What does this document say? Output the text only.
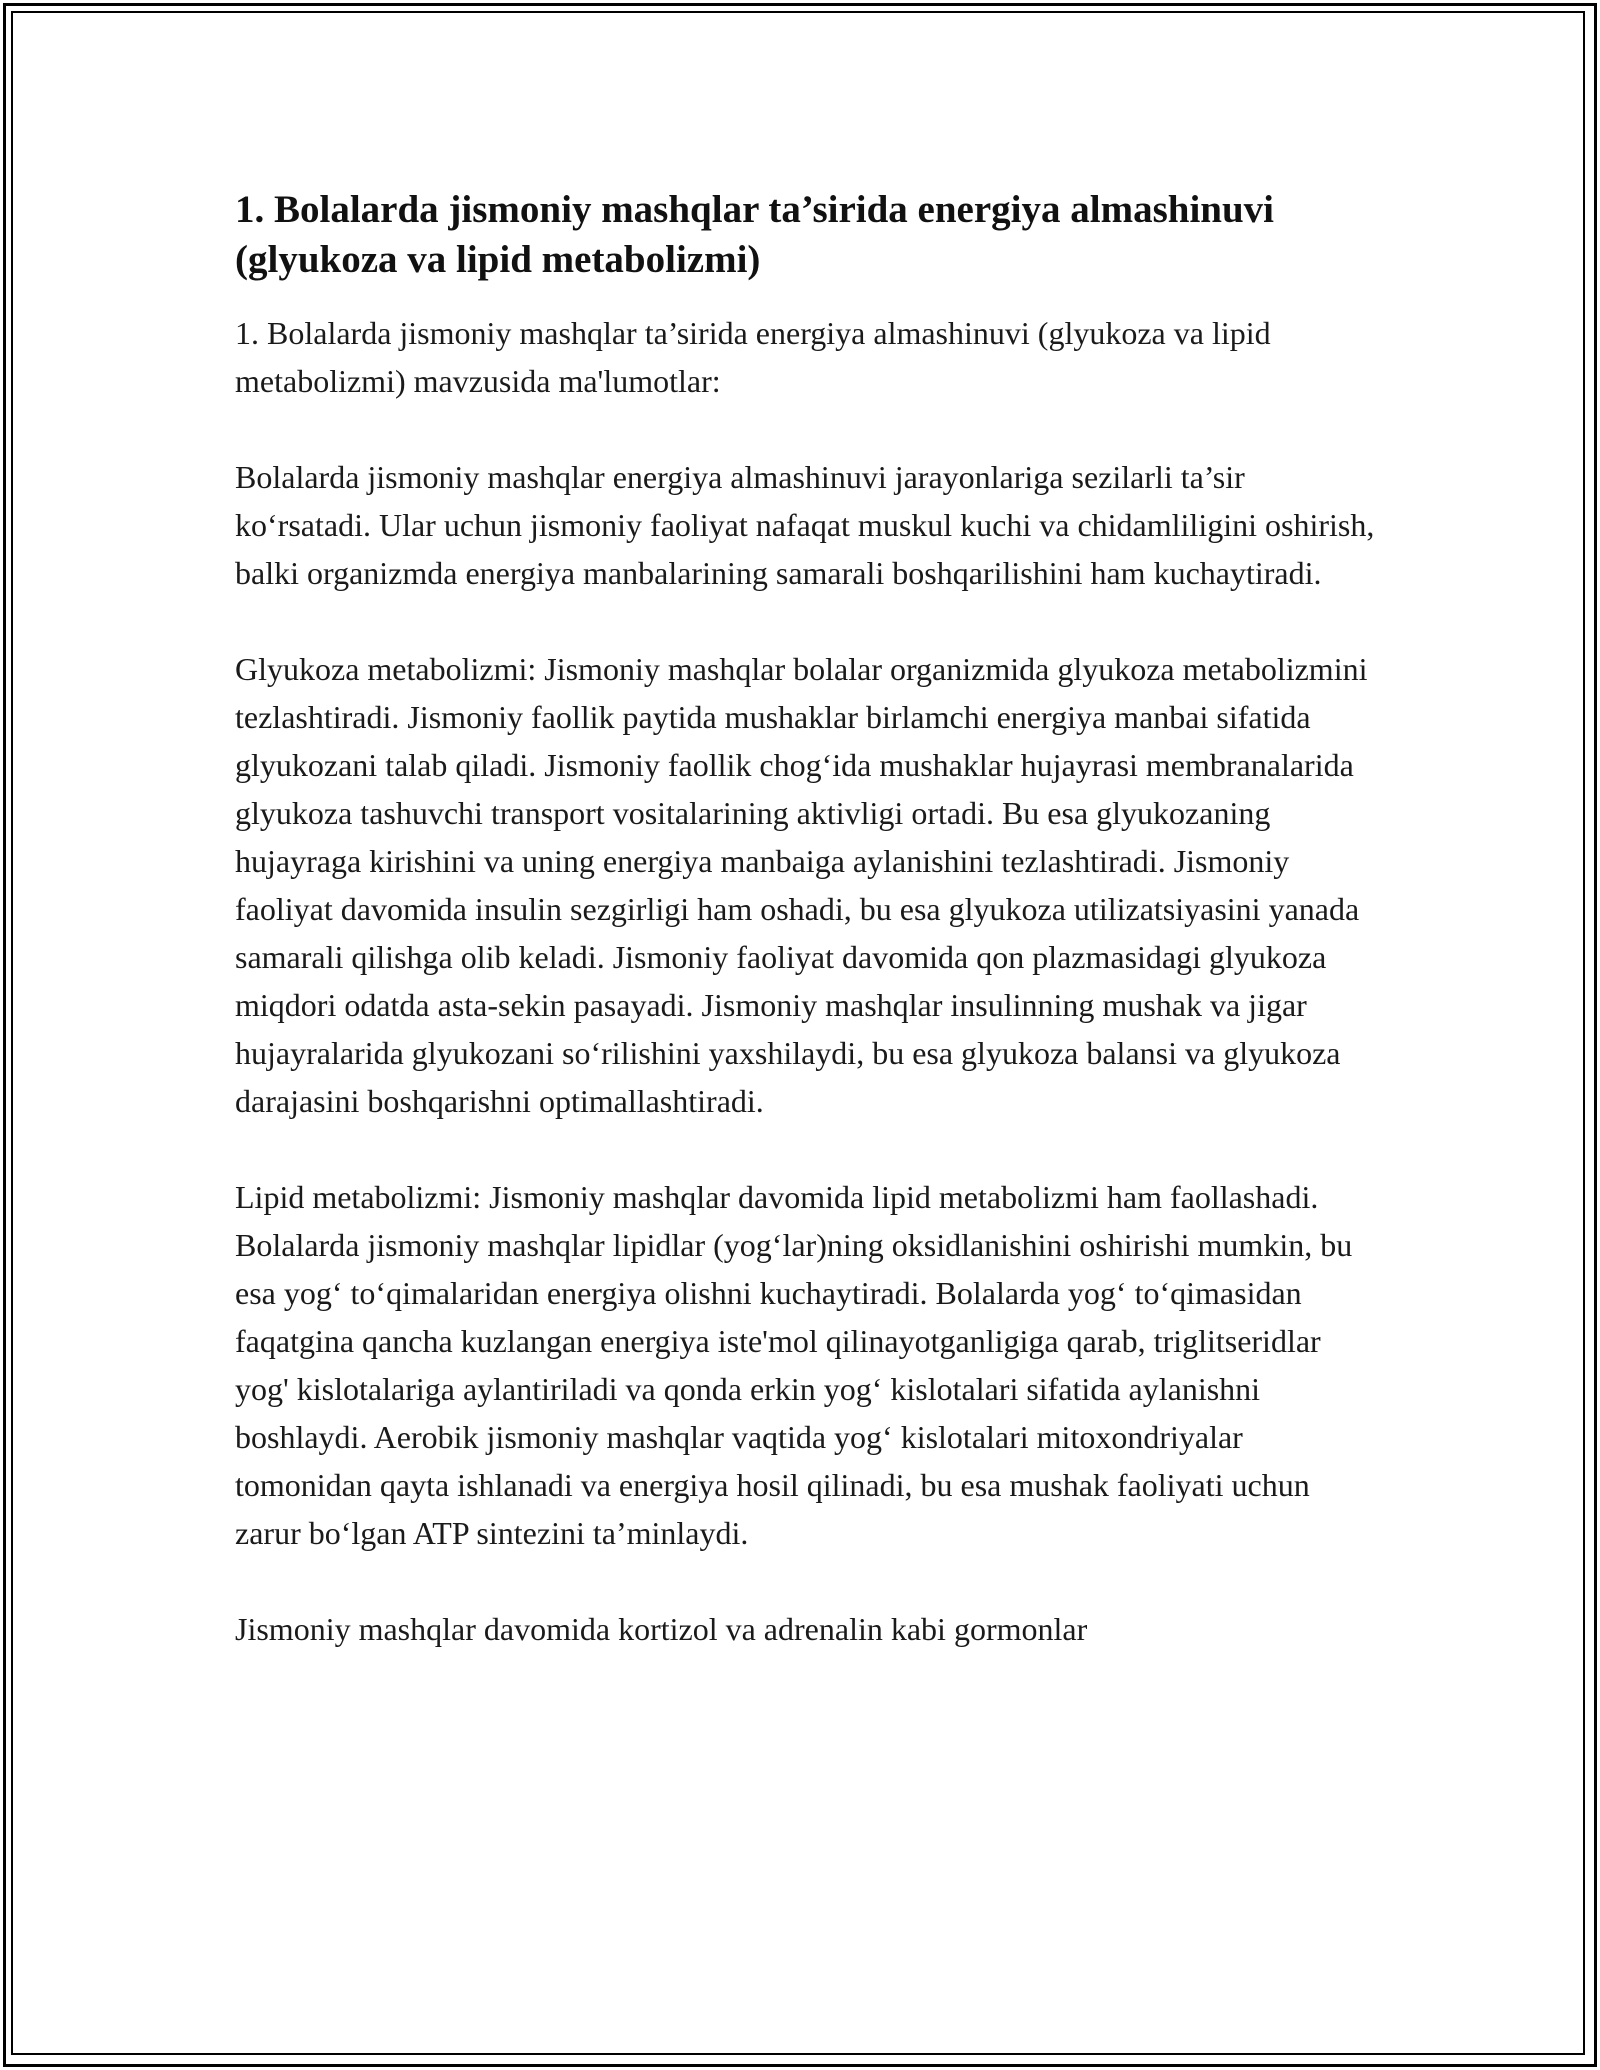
1. Bolalarda jismoniy mashqlar ta’sirida energiya almashinuvi (glyukoza va lipid metabolizmi)

1. Bolalarda jismoniy mashqlar ta’sirida energiya almashinuvi (glyukoza va lipid metabolizmi) mavzusida ma'lumotlar:

Bolalarda jismoniy mashqlar energiya almashinuvi jarayonlariga sezilarli ta’sir ko‘rsatadi. Ular uchun jismoniy faoliyat nafaqat muskul kuchi va chidamliligini oshirish, balki organizmda energiya manbalarining samarali boshqarilishini ham kuchaytiradi.

Glyukoza metabolizmi: Jismoniy mashqlar bolalar organizmida glyukoza metabolizmini tezlashtiradi. Jismoniy faollik paytida mushaklar birlamchi energiya manbai sifatida glyukozani talab qiladi. Jismoniy faollik chog‘ida mushaklar hujayrasi membranalarida glyukoza tashuvchi transport vositalarining aktivligi ortadi. Bu esa glyukozaning hujayraga kirishini va uning energiya manbaiga aylanishini tezlashtiradi. Jismoniy faoliyat davomida insulin sezgirligi ham oshadi, bu esa glyukoza utilizatsiyasini yanada samarali qilishga olib keladi. Jismoniy faoliyat davomida qon plazmasidagi glyukoza miqdori odatda asta-sekin pasayadi. Jismoniy mashqlar insulinning mushak va jigar hujayralarida glyukozani so‘rilishini yaxshilaydi, bu esa glyukoza balansi va glyukoza darajasini boshqarishni optimallashtiradi.

Lipid metabolizmi: Jismoniy mashqlar davomida lipid metabolizmi ham faollashadi. Bolalarda jismoniy mashqlar lipidlar (yog‘lar)ning oksidlanishini oshirishi mumkin, bu esa yog‘ to‘qimalaridan energiya olishni kuchaytiradi. Bolalarda yog‘ to‘qimasidan faqatgina qancha kuzlangan energiya iste'mol qilinayotganligiga qarab, triglitseridlar yog' kislotalariga aylantiriladi va qonda erkin yog‘ kislotalari sifatida aylanishni boshlaydi. Aerobik jismoniy mashqlar vaqtida yog‘ kislotalari mitoxondriyalar tomonidan qayta ishlanadi va energiya hosil qilinadi, bu esa mushak faoliyati uchun zarur bo‘lgan ATP sintezini ta’minlaydi.

Jismoniy mashqlar davomida kortizol va adrenalin kabi gormonlar
